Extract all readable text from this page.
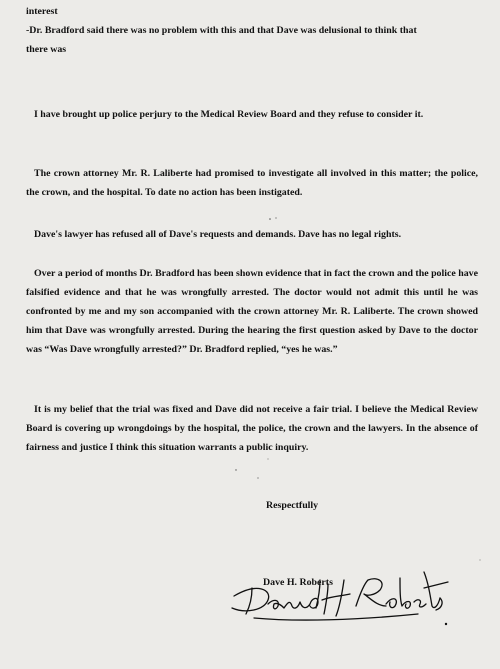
interest
-Dr. Bradford said there was no problem with this and that Dave was delusional to think that
there was

I have brought up police perjury to the Medical Review Board and they refuse to consider it.

The crown attorney Mr. R. Laliberte had promised to investigate all involved in this matter; the police, the crown, and the hospital. To date no action has been instigated.

Dave's lawyer has refused all of Dave's requests and demands. Dave has no legal rights.

Over a period of months Dr. Bradford has been shown evidence that in fact the crown and the police have falsified evidence and that he was wrongfully arrested. The doctor would not admit this until he was confronted by me and my son accompanied with the crown attorney Mr. R. Laliberte. The crown showed him that Dave was wrongfully arrested. During the hearing the first question asked by Dave to the doctor was “Was Dave wrongfully arrested?” Dr. Bradford replied, “yes he was.”

It is my belief that the trial was fixed and Dave did not receive a fair trial. I believe the Medical Review Board is covering up wrongdoings by the hospital, the police, the crown and the lawyers. In the absence of fairness and justice I think this situation warrants a public inquiry.

Respectfully

Dave H. Roberts
